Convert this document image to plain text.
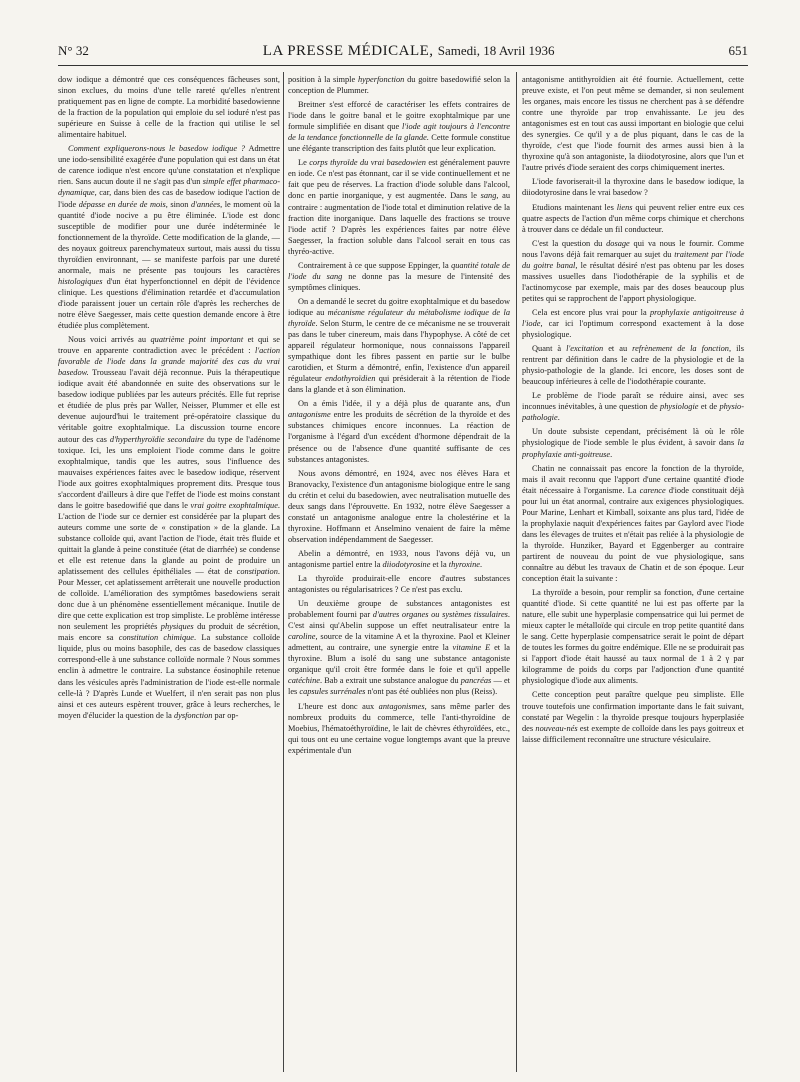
N° 32	LA PRESSE MÉDICALE, Samedi, 18 Avril 1936	651

dow iodique a démontré que ces conséquences fâcheuses sont, sinon exclues, du moins d'une telle rareté qu'elles n'entrent pratiquement pas en ligne de compte. La morbidité basedowienne de la fraction de la population qui emploie du sel ioduré n'est pas supérieure en Suisse à celle de la fraction qui utilise le sel alimentaire habituel.

Comment expliquerons-nous le basedow iodique ? Admettre une iodo-sensibilité exagérée d'une population qui est dans un état de carence iodique n'est encore qu'une constatation et n'explique rien. Sans aucun doute il ne s'agit pas d'un simple effet pharmaco-dynamique, car, dans bien des cas de basedow iodique l'action de l'iode dépasse en durée de mois, sinon d'années, le moment où la quantité d'iode nocive a pu être éliminée. L'iode est donc susceptible de modifier pour une durée indéterminée le fonctionnement de la thyroïde. Cette modification de la glande, — des noyaux goitreux parenchymateux surtout, mais aussi du tissu thyroïdien environnant, — se manifeste parfois par une dureté anormale, mais ne présente pas toujours les caractères histologiques d'un état hyperfonctionnel en dépit de l'évidence clinique. Les questions d'élimination retardée et d'accumulation d'iode paraissent jouer un certain rôle d'après les recherches de notre élève Saegesser, mais cette question demande encore à être étudiée plus complètement.

Nous voici arrivés au quatrième point important et qui se trouve en apparente contradiction avec le précédent : l'action favorable de l'iode dans la grande majorité des cas du vrai basedow. Trousseau l'avait déjà reconnue. Puis la thérapeutique iodique avait été abandonnée en suite des observations sur le basedow iodique publiées par les auteurs précités. Elle fut reprise et étudiée de plus près par Waller, Neisser, Plummer et elle est devenue aujourd'hui le traitement pré-opératoire classique du véritable goitre exophtalmique. La discussion tourne encore autour des cas d'hyperthyroïdie secondaire du type de l'adénome toxique. Ici, les uns emploient l'iode comme dans le goitre exophtalmique, tandis que les autres, sous l'influence des mauvaises expériences faites avec le basedow iodique, réservent l'iode aux goitres exophtalmiques proprement dits. Presque tous s'accordent d'ailleurs à dire que l'effet de l'iode est moins constant dans le goitre basedowifié que dans le vrai goitre exophtalmique. L'action de l'iode sur ce dernier est considérée par la plupart des auteurs comme une sorte de « constipation » de la glande. La substance colloïde qui, avant l'action de l'iode, était très fluide et quittait la glande à peine constituée (état de diarrhée) se condense et elle est retenue dans la glande au point de produire un aplatissement des cellules épithéliales — état de constipation. Pour Messer, cet aplatissement arrêterait une nouvelle production de colloïde. L'amélioration des symptômes basedowiens serait donc due à un phénomène essentiellement mécanique. Inutile de dire que cette explication est trop simpliste. Le problème intéresse non seulement les propriétés physiques du produit de sécrétion, mais encore sa constitution chimique. La substance colloïde liquide, plus ou moins basophile, des cas de basedow classiques correspond-elle à une substance colloïde normale ? Nous sommes enclin à admettre le contraire. La substance éosinophile retenue dans les vésicules après l'administration de l'iode est-elle normale celle-là ? D'après Lunde et Wuelfert, il n'en serait pas non plus ainsi et ces auteurs espèrent trouver, grâce à leurs recherches, le moyen d'élucider la question de la dysfonction par op-

position à la simple hyperfonction du goitre basedowifié selon la conception de Plummer.

Breitner s'est efforcé de caractériser les effets contraires de l'iode dans le goitre banal et le goitre exophtalmique par une formule simplifiée en disant que l'iode agit toujours à l'encontre de la tendance fonctionnelle de la glande. Cette formule constitue une élégante transcription des faits plutôt que leur explication.

Le corps thyroïde du vrai basedowien est généralement pauvre en iode. Ce n'est pas étonnant, car il se vide continuellement et ne fait que peu de réserves. La fraction d'iode soluble dans l'alcool, donc en partie inorganique, y est augmentée. Dans le sang, au contraire : augmentation de l'iode total et diminution relative de la fraction dite inorganique. Dans laquelle des fractions se trouve l'iode actif ? D'après les expériences faites par notre élève Saegesser, la fraction soluble dans l'alcool serait en tous cas thyréo-active.

Contrairement à ce que suppose Eppinger, la quantité totale de l'iode du sang ne donne pas la mesure de l'intensité des symptômes cliniques.

On a demandé le secret du goitre exophtalmique et du basedow iodique au mécanisme régulateur du métabolisme iodique de la thyroïde. Selon Sturm, le centre de ce mécanisme ne se trouverait pas dans le tuber cinereum, mais dans l'hypophyse. A côté de cet appareil régulateur hormonique, nous connaissons l'appareil sympathique dont les fibres passent en partie sur le bulbe carotidien, et Sturm a démontré, enfin, l'existence d'un appareil régulateur endothyroïdien qui présiderait à la rétention de l'iode dans la glande et à son élimination.

On a émis l'idée, il y a déjà plus de quarante ans, d'un antagonisme entre les produits de sécrétion de la thyroïde et des substances chimiques encore inconnues. La réaction de l'organisme à l'égard d'un excédent d'hormone dépendrait de la présence ou de l'absence d'une quantité suffisante de ces substances antagonistes.

Nous avons démontré, en 1924, avec nos élèves Hara et Branovacky, l'existence d'un antagonisme biologique entre le sang du crétin et celui du basedowien, avec neutralisation mutuelle des deux sangs dans l'éprouvette. En 1932, notre élève Saegesser a constaté un antagonisme analogue entre la cholestérine et la thyroxine. Hoffmann et Anselmino venaient de faire la même observation indépendamment de Saegesser.

Abelin a démontré, en 1933, nous l'avons déjà vu, un antagonisme partiel entre la diiodotyrosine et la thyroxine.

La thyroïde produirait-elle encore d'autres substances antagonistes ou régularisatrices ? Ce n'est pas exclu.

Un deuxième groupe de substances antagonistes est probablement fourni par d'autres organes ou systèmes tissulaires. C'est ainsi qu'Abelin suppose un effet neutralisateur entre la caroline, source de la vitamine A et la thyroxine. Paol et Kleiner admettent, au contraire, une synergie entre la vitamine E et la thyroxine. Blum a isolé du sang une substance antagoniste organique qu'il croit être formée dans le foie et qu'il appelle catéchine. Bab a extrait une substance analogue du pancréas — et les capsules surrénales n'ont pas été oubliées non plus (Reiss).

L'heure est donc aux antagonismes, sans même parler des nombreux produits du commerce, telle l'anti-thyroïdine de Moebius, l'hématoéthyroïdine, le lait de chèvres éthyroïdées, etc., qui tous ont eu une certaine vogue longtemps avant que la preuve expérimentale d'un

antagonisme antithyroïdien ait été fournie. Actuellement, cette preuve existe, et l'on peut même se demander, si non seulement les organes, mais encore les tissus ne cherchent pas à se défendre contre une thyroïde par trop envahissante. Le jeu des antagonismes est en tout cas aussi important en biologie que celui des synergies. Ce qu'il y a de plus piquant, dans le cas de la thyroïde, c'est que l'iode fournit des armes aussi bien à la thyroxine qu'à son antagoniste, la diiodotyrosine, alors que l'un et l'autre privés d'iode seraient des corps chimiquement inertes.

L'iode favoriserait-il la thyroxine dans le basedow iodique, la diiodotyrosine dans le vrai basedow ?

Etudions maintenant les liens qui peuvent relier entre eux ces quatre aspects de l'action d'un même corps chimique et cherchons à trouver dans ce dédale un fil conducteur.

C'est la question du dosage qui va nous le fournir. Comme nous l'avons déjà fait remarquer au sujet du traitement par l'iode du goitre banal, le résultat désiré n'est pas obtenu par les doses massives usuelles dans l'iodothérapie de la syphilis et de l'actinomycose par exemple, mais par des doses beaucoup plus petites qui se rapprochent de l'apport physiologique.

Cela est encore plus vrai pour la prophylaxie antigoitreuse à l'iode, car ici l'optimum correspond exactement à la dose physiologique.

Quant à l'excitation et au refrènement de la fonction, ils rentrent par définition dans le cadre de la physiologie et de la physio-pathologie de la glande. Ici encore, les doses sont de beaucoup inférieures à celle de l'iodothérapie courante.

Le problème de l'iode paraît se réduire ainsi, avec ses inconnues inévitables, à une question de physiologie et de physio-pathologie.

Un doute subsiste cependant, précisément là où le rôle physiologique de l'iode semble le plus évident, à savoir dans la prophylaxie anti-goitreuse.

Chatin ne connaissait pas encore la fonction de la thyroïde, mais il avait reconnu que l'apport d'une certaine quantité d'iode était nécessaire à l'organisme. La carence d'iode constituait déjà pour lui un état anormal, contraire aux exigences physiologiques. Pour Marine, Lenhart et Kimball, soixante ans plus tard, l'idée de la prophylaxie naquit d'expériences faites par Gaylord avec l'iode dans les élevages de truites et n'était pas reliée à la physiologie de la thyroïde. Hunziker, Bayard et Eggenberger au contraire partirent de nouveau du point de vue physiologique, sans connaître au début les travaux de Chatin et de son époque. Leur conception était la suivante :

La thyroïde a besoin, pour remplir sa fonction, d'une certaine quantité d'iode. Si cette quantité ne lui est pas offerte par la nature, elle subit une hyperplasie compensatrice qui lui permet de mieux capter le métalloïde qui circule en trop petite quantité dans le sang. Cette hyperplasie compensatrice serait le point de départ de toutes les formes du goitre endémique. Elle ne se produirait pas si l'apport d'iode était haussé au taux normal de 1 à 2 γ par kilogramme de poids du corps par l'adjonction d'une quantité physiologique d'iode aux aliments.

Cette conception peut paraître quelque peu simpliste. Elle trouve toutefois une confirmation importante dans le fait suivant, constaté par Wegelin : la thyroïde presque toujours hyperplasiée des nouveau-nés est exempte de colloïde dans les pays goitreux et laisse difficilement reconnaître une structure vésiculaire.
